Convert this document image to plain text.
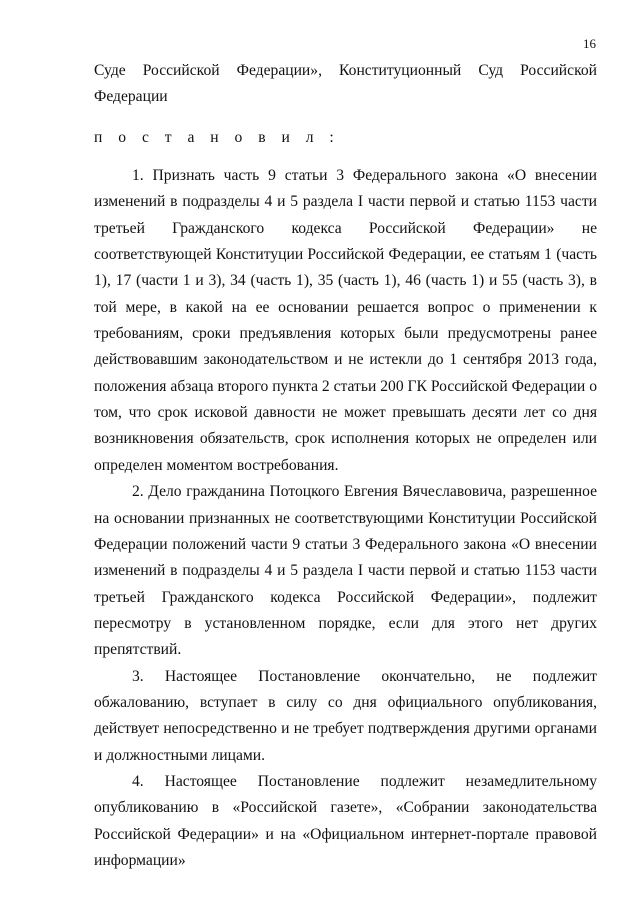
16

Суде Российской Федерации», Конституционный Суд Российской Федерации

п о с т а н о в и л :

1. Признать часть 9 статьи 3 Федерального закона «О внесении изменений в подразделы 4 и 5 раздела I части первой и статью 1153 части третьей Гражданского кодекса Российской Федерации» не соответствующей Конституции Российской Федерации, ее статьям 1 (часть 1), 17 (части 1 и 3), 34 (часть 1), 35 (часть 1), 46 (часть 1) и 55 (часть 3), в той мере, в какой на ее основании решается вопрос о применении к требованиям, сроки предъявления которых были предусмотрены ранее действовавшим законодательством и не истекли до 1 сентября 2013 года, положения абзаца второго пункта 2 статьи 200 ГК Российской Федерации о том, что срок исковой давности не может превышать десяти лет со дня возникновения обязательств, срок исполнения которых не определен или определен моментом востребования.

2. Дело гражданина Потоцкого Евгения Вячеславовича, разрешенное на основании признанных не соответствующими Конституции Российской Федерации положений части 9 статьи 3 Федерального закона «О внесении изменений в подразделы 4 и 5 раздела I части первой и статью 1153 части третьей Гражданского кодекса Российской Федерации», подлежит пересмотру в установленном порядке, если для этого нет других препятствий.

3. Настоящее Постановление окончательно, не подлежит обжалованию, вступает в силу со дня официального опубликования, действует непосредственно и не требует подтверждения другими органами и должностными лицами.

4. Настоящее Постановление подлежит незамедлительному опубликованию в «Российской газете», «Собрании законодательства Российской Федерации» и на «Официальном интернет-портале правовой информации»
